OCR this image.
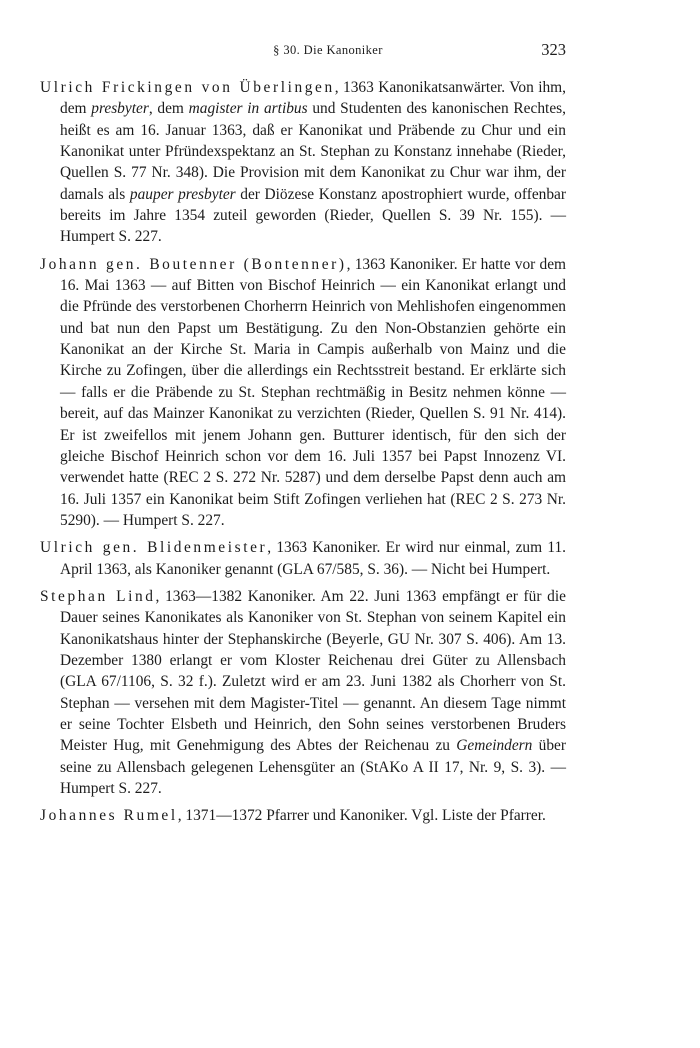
§ 30. Die Kanoniker	323

Ulrich Frickingen von Überlingen, 1363 Kanonikatsanwärter. Von ihm, dem presbyter, dem magister in artibus und Studenten des kanonischen Rechtes, heißt es am 16. Januar 1363, daß er Kanonikat und Präbende zu Chur und ein Kanonikat unter Pfründexspektanz an St. Stephan zu Konstanz innehabe (Rieder, Quellen S. 77 Nr. 348). Die Provision mit dem Kanonikat zu Chur war ihm, der damals als pauper presbyter der Diözese Konstanz apostrophiert wurde, offenbar bereits im Jahre 1354 zuteil geworden (Rieder, Quellen S. 39 Nr. 155). — Humpert S. 227.

Johann gen. Boutenner (Bontenner), 1363 Kanoniker. Er hatte vor dem 16. Mai 1363 — auf Bitten von Bischof Heinrich — ein Kanonikat erlangt und die Pfründe des verstorbenen Chorherrn Heinrich von Mehlishofen eingenommen und bat nun den Papst um Bestätigung. Zu den Non-Obstanzien gehörte ein Kanonikat an der Kirche St. Maria in Campis außerhalb von Mainz und die Kirche zu Zofingen, über die allerdings ein Rechtsstreit bestand. Er erklärte sich — falls er die Präbende zu St. Stephan rechtmäßig in Besitz nehmen könne — bereit, auf das Mainzer Kanonikat zu verzichten (Rieder, Quellen S. 91 Nr. 414). Er ist zweifellos mit jenem Johann gen. Butturer identisch, für den sich der gleiche Bischof Heinrich schon vor dem 16. Juli 1357 bei Papst Innozenz VI. verwendet hatte (REC 2 S. 272 Nr. 5287) und dem derselbe Papst denn auch am 16. Juli 1357 ein Kanonikat beim Stift Zofingen verliehen hat (REC 2 S. 273 Nr. 5290). — Humpert S. 227.

Ulrich gen. Blidenmeister, 1363 Kanoniker. Er wird nur einmal, zum 11. April 1363, als Kanoniker genannt (GLA 67/585, S. 36). — Nicht bei Humpert.

Stephan Lind, 1363—1382 Kanoniker. Am 22. Juni 1363 empfängt er für die Dauer seines Kanonikates als Kanoniker von St. Stephan von seinem Kapitel ein Kanonikatshaus hinter der Stephanskirche (Beyerle, GU Nr. 307 S. 406). Am 13. Dezember 1380 erlangt er vom Kloster Reichenau drei Güter zu Allensbach (GLA 67/1106, S. 32 f.). Zuletzt wird er am 23. Juni 1382 als Chorherr von St. Stephan — versehen mit dem Magister-Titel — genannt. An diesem Tage nimmt er seine Tochter Elsbeth und Heinrich, den Sohn seines verstorbenen Bruders Meister Hug, mit Genehmigung des Abtes der Reichenau zu Gemeindern über seine zu Allensbach gelegenen Lehensgüter an (StAKo A II 17, Nr. 9, S. 3). — Humpert S. 227.

Johannes Rumel, 1371—1372 Pfarrer und Kanoniker. Vgl. Liste der Pfarrer.
